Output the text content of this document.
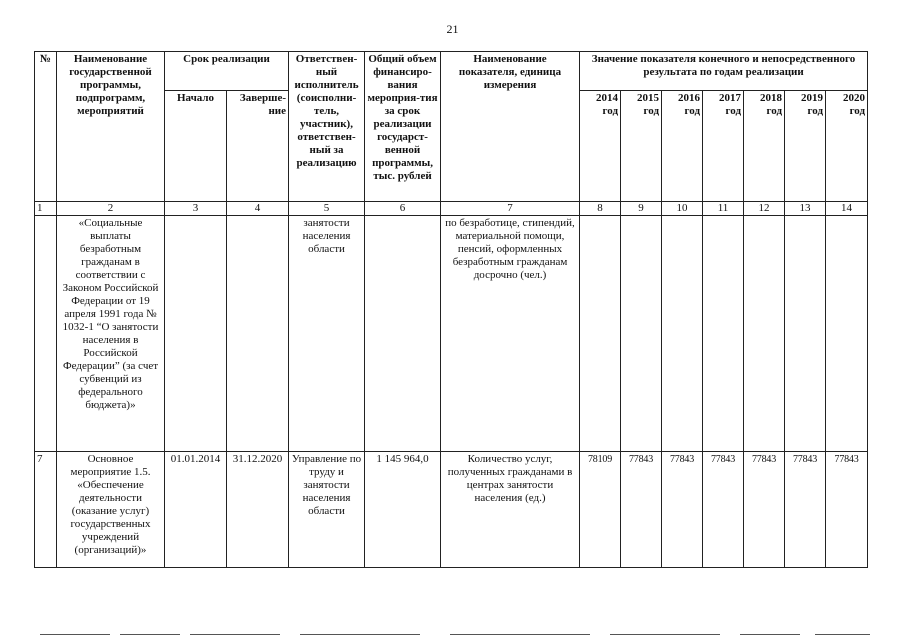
21
№	Наименование государственной программы, подпрограмм, мероприятий	Срок реализации		Ответствен-ный исполнитель (соисполни-тель, участник), ответствен-ный за реализацию	Общий объем финансиро-вания мероприя-тия за срок реализации государст-венной программы, тыс. рублей	Наименование показателя, единица измерения	Значение показателя конечного и непосредственного результата по годам реализации						
		Начало	Заверше-ние				2014 год	2015 год	2016 год	2017 год	2018 год	2019 год	2020 год
1	2	3	4	5	6	7	8	9	10	11	12	13	14
	«Социальные выплаты безработным гражданам в соответствии с Законом Российской Федерации от 19 апреля 1991 года № 1032-1 “О занятости населения в Российской Федерации” (за счет субвенций из федерального бюджета)»			занятости населения области		по безработице, стипендий, материальной помощи, пенсий, оформленных безработным гражданам досрочно (чел.)							
7	Основное мероприятие 1.5. «Обеспечение деятельности (оказание услуг) государственных учреждений (организаций)»	01.01.2014	31.12.2020	Управление по труду и занятости населения области	1 145 964,0	Количество услуг, полученных гражданами в центрах занятости населения (ед.)	78109	77843	77843	77843	77843	77843	77843
